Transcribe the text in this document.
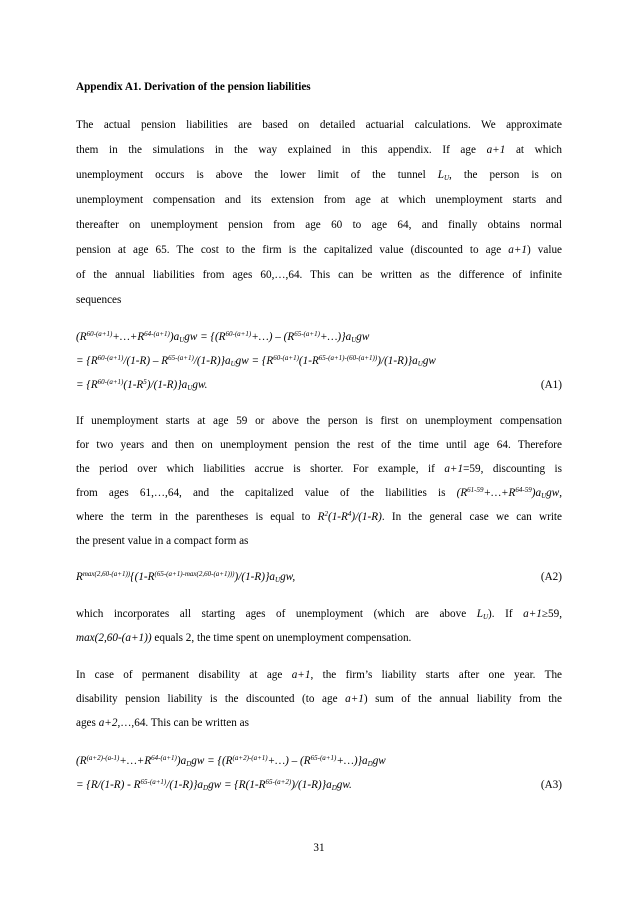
Appendix A1. Derivation of the pension liabilities
The actual pension liabilities are based on detailed actuarial calculations. We approximate
them in the simulations in the way explained in this appendix. If age a+1 at which
unemployment occurs is above the lower limit of the tunnel $L_U$, the person is on
unemployment compensation and its extension from age at which unemployment starts and
thereafter on unemployment pension from age 60 to age 64, and finally obtains normal
pension at age 65. The cost to the firm is the capitalized value (discounted to age a+1) value
of the annual liabilities from ages 60,…,64. This can be written as the difference of infinite
sequences
$(R^{60-(a+1)}+\dots+R^{64-(a+1)})a_Ugw$ = {$(R^{60-(a+1)}+\dots)$ – $(R^{65-(a+1)}+\dots)\}a_Ugw$
= $\{R^{60-(a+1)}/(1-R) - R^{65-(a+1)}/(1-R)\}a_Ugw = \{R^{60-(a+1)}(1-R^{65-(a+1)-(60-(a+1))})/(1-R)\}a_Ugw$
= $\{R^{60-(a+1)}(1-R^5)/(1-R)\}a_Ugw$.	(A1)
If unemployment starts at age 59 or above the person is first on unemployment compensation
for two years and then on unemployment pension the rest of the time until age 64. Therefore
the period over which liabilities accrue is shorter. For example, if a+1=59, discounting is
from ages 61,…,64, and the capitalized value of the liabilities is $(R^{61-59}+\dots+R^{64-59})a_Ugw$,
where the term in the parentheses is equal to $R^2(1-R^4)/(1-R)$. In the general case we can write
the present value in a compact form as
$R^{max(2,60-(a+1))}\{(1-R^{(65-(a+1)-max(2,60-(a+1)))})/(1-R)\}a_Ugw$,	(A2)
which incorporates all starting ages of unemployment (which are above $L_U$). If a+1≥59,
max(2,60-(a+1)) equals 2, the time spent on unemployment compensation.
In case of permanent disability at age a+1, the firm’s liability starts after one year. The
disability pension liability is the discounted (to age a+1) sum of the annual liability from the
ages a+2,…,64. This can be written as
$(R^{(a+2)-(a-1)}+\dots+R^{64-(a+1)})a_Dgw$ = {$(R^{(a+2)-(a+1)}+\dots)$ – $(R^{65-(a+1)}+\dots)\}a_Dgw$
= $\{R/(1-R) - R^{65-(a+1)}/(1-R)\}a_Dgw = \{R(1-R^{65-(a+2)})/(1-R)\}a_Dgw$.	(A3)
31
